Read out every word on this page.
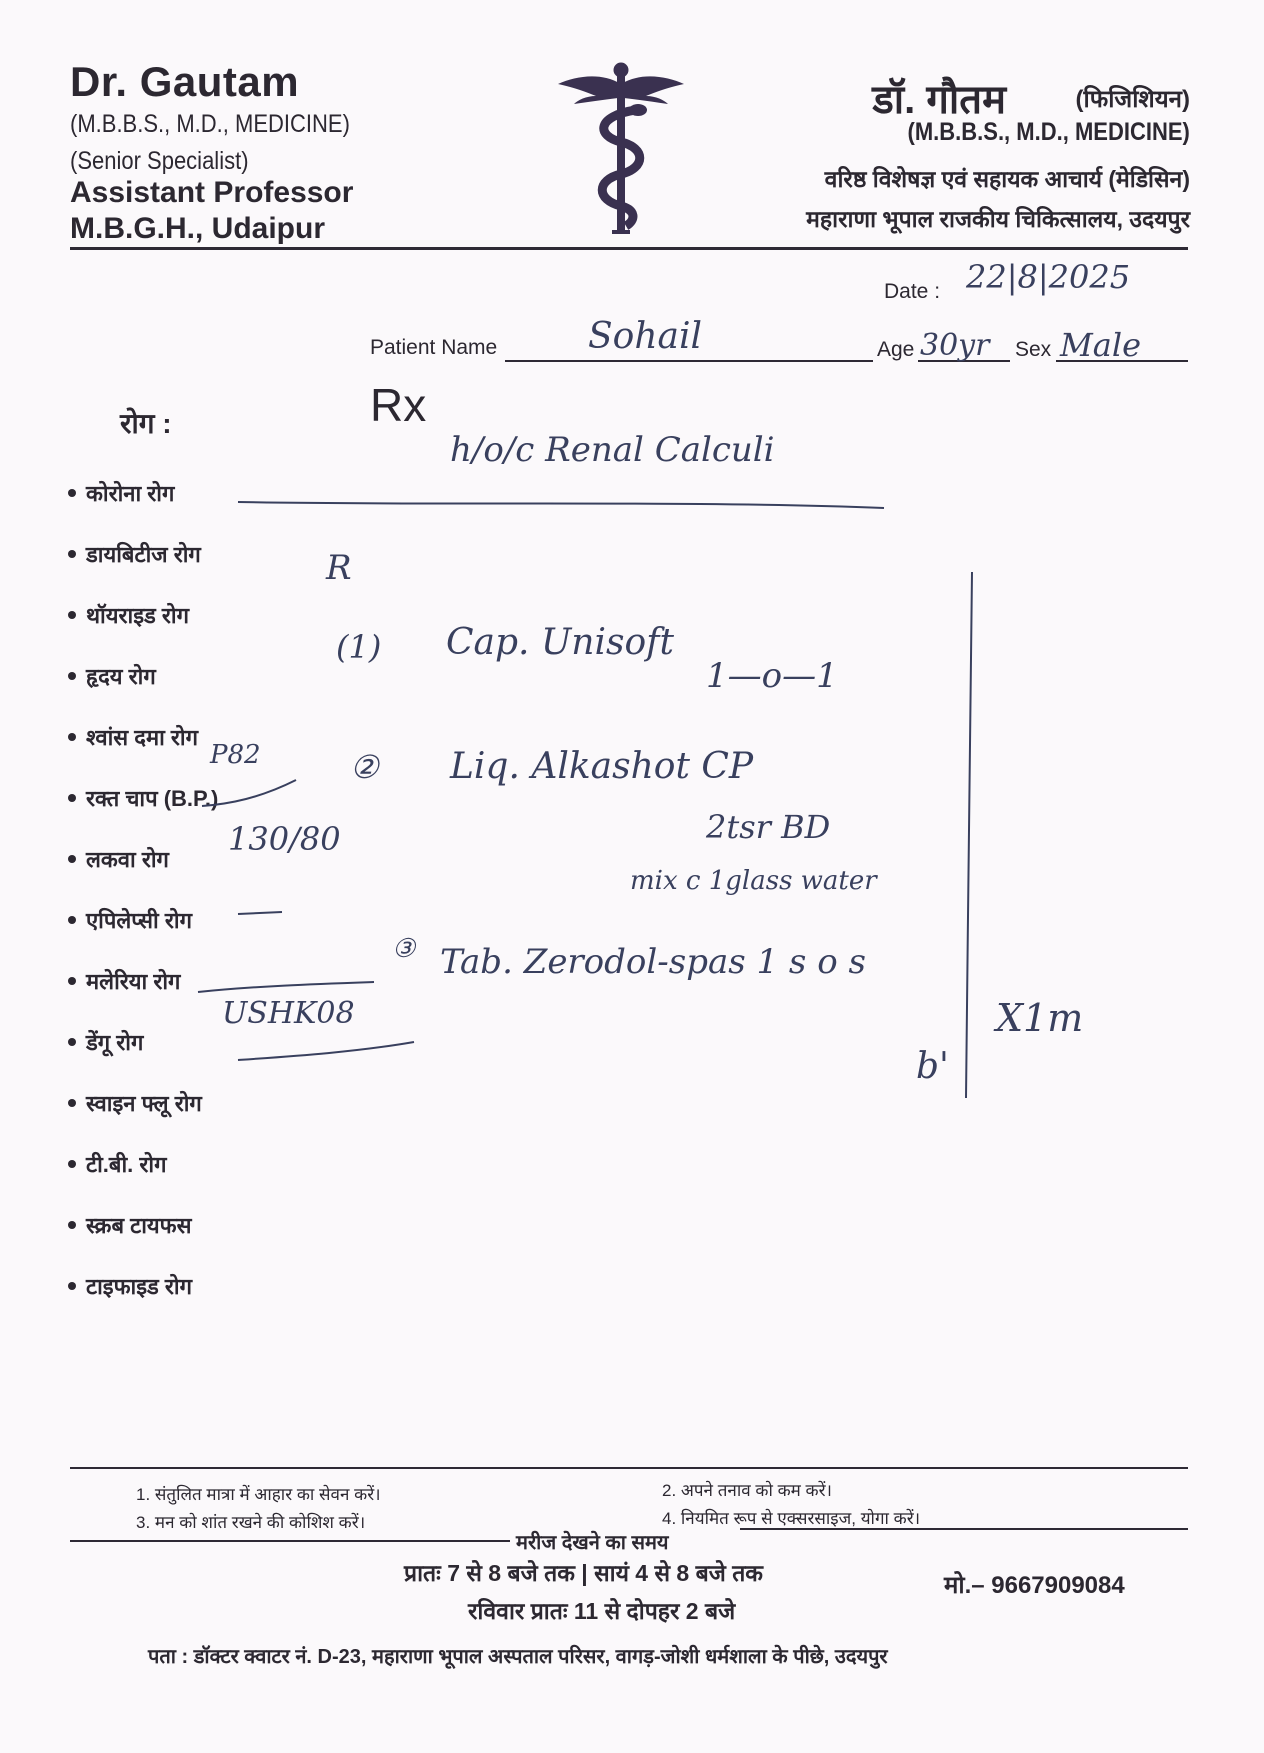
Dr. Gautam
(M.B.B.S., M.D., MEDICINE)
(Senior Specialist)
Assistant Professor
M.B.G.H., Udaipur
डॉ. गौतम	(फिजिशियन)
(M.B.B.S., M.D., MEDICINE)
वरिष्ठ विशेषज्ञ एवं सहायक आचार्य (मेडिसिन)
महाराणा भूपाल राजकीय चिकित्सालय, उदयपुर
Date : 22|8|2025
Patient Name	Sohail	Age 30yr Sex Male
Rx
रोग :
कोरोना रोग
डायबिटीज रोग
थॉयराइड रोग
हृदय रोग
श्वांस दमा रोग
रक्त चाप (B.P.)
लकवा रोग
एपिलेप्सी रोग
मलेरिया रोग
डेंगू रोग
स्वाइन फ्लू रोग
टी.बी. रोग
स्क्रब टायफस
टाइफाइड रोग
h/o/c Renal Calculi
R
(1) Cap. Unisoft
1—o—1
② Liq. Alkashot CP
2tsr BD
mix c 1glass water
③ Tab. Zerodol-spas 1 s o s
X1m
b'
P82
130/80
USHK08
1. संतुलित मात्रा में आहार का सेवन करें।	2. अपने तनाव को कम करें।
3. मन को शांत रखने की कोशिश करें।	4. नियमित रूप से एक्सरसाइज, योगा करें।
मरीज देखने का समय
प्रातः 7 से 8 बजे तक | सायं 4 से 8 बजे तक
रविवार प्रातः 11 से दोपहर 2 बजे
मो.– 9667909084
पता : डॉक्टर क्वाटर नं. D-23, महाराणा भूपाल अस्पताल परिसर, वागड़-जोशी धर्मशाला के पीछे, उदयपुर
